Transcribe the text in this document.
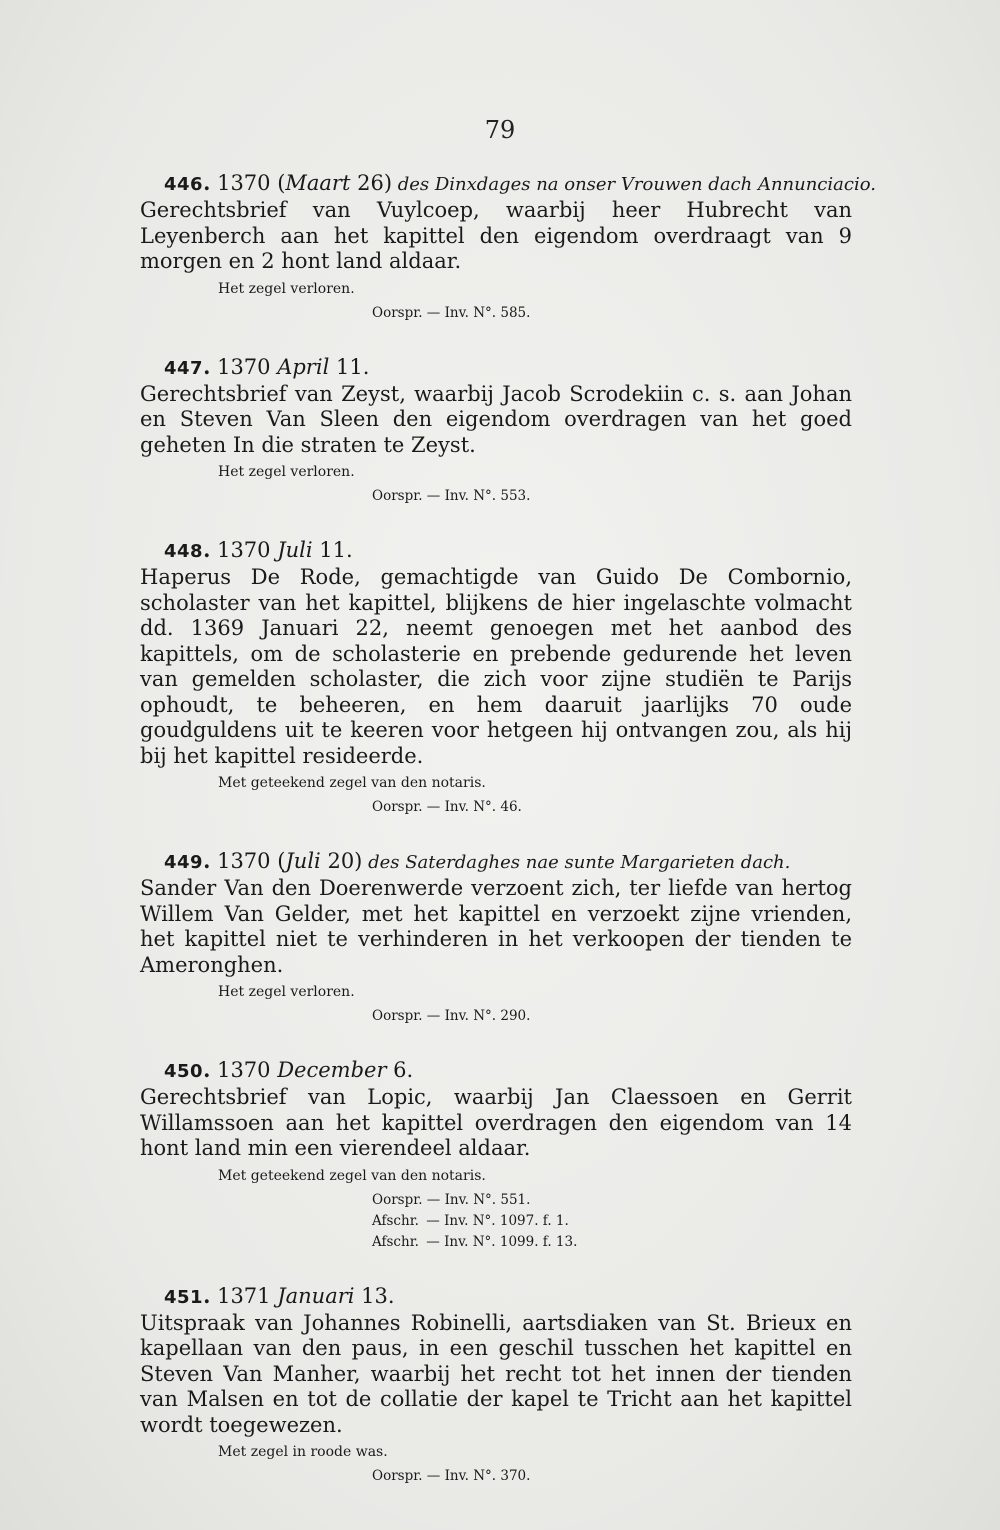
79
446. 1370 (Maart 26) des Dinxdages na onser Vrouwen dach Annunciacio.

Gerechtsbrief van Vuylcoep, waarbij heer Hubrecht van Leyenberch aan het kapittel den eigendom overdraagt van 9 morgen en 2 hont land aldaar.

Het zegel verloren.
Oorspr. — Inv. N°. 585.
447. 1370 April 11.

Gerechtsbrief van Zeyst, waarbij Jacob Scrodekiin c. s. aan Johan en Steven Van Sleen den eigendom overdragen van het goed geheten In die straten te Zeyst.

Het zegel verloren.
Oorspr. — Inv. N°. 553.
448. 1370 Juli 11.

Haperus De Rode, gemachtigde van Guido De Combornio, scholaster van het kapittel, blijkens de hier ingelaschte volmacht dd. 1369 Januari 22, neemt genoegen met het aanbod des kapittels, om de scholasterie en prebende gedurende het leven van gemelden scholaster, die zich voor zijne studiën te Parijs ophoudt, te beheeren, en hem daaruit jaarlijks 70 oude goudguldens uit te keeren voor hetgeen hij ontvangen zou, als hij bij het kapittel resideerde.

Met geteekend zegel van den notaris.
Oorspr. — Inv. N°. 46.
449. 1370 (Juli 20) des Saterdaghes nae sunte Margarieten dach.

Sander Van den Doerenwerde verzoent zich, ter liefde van hertog Willem Van Gelder, met het kapittel en verzoekt zijne vrienden, het kapittel niet te verhinderen in het verkoopen der tienden te Ameronghen.

Het zegel verloren.
Oorspr. — Inv. N°. 290.
450. 1370 December 6.

Gerechtsbrief van Lopic, waarbij Jan Claessoen en Gerrit Willamssoen aan het kapittel overdragen den eigendom van 14 hont land min een vierendeel aldaar.

Met geteekend zegel van den notaris.
Oorspr. — Inv. N°. 551.
Afschr. — Inv. N°. 1097. f. 1.
Afschr. — Inv. N°. 1099. f. 13.
451. 1371 Januari 13.

Uitspraak van Johannes Robinelli, aartsdiaken van St. Brieux en kapellaan van den paus, in een geschil tusschen het kapittel en Steven Van Manher, waarbij het recht tot het innen der tienden van Malsen en tot de collatie der kapel te Tricht aan het kapittel wordt toegewezen.

Met zegel in roode was.
Oorspr. — Inv. N°. 370.
